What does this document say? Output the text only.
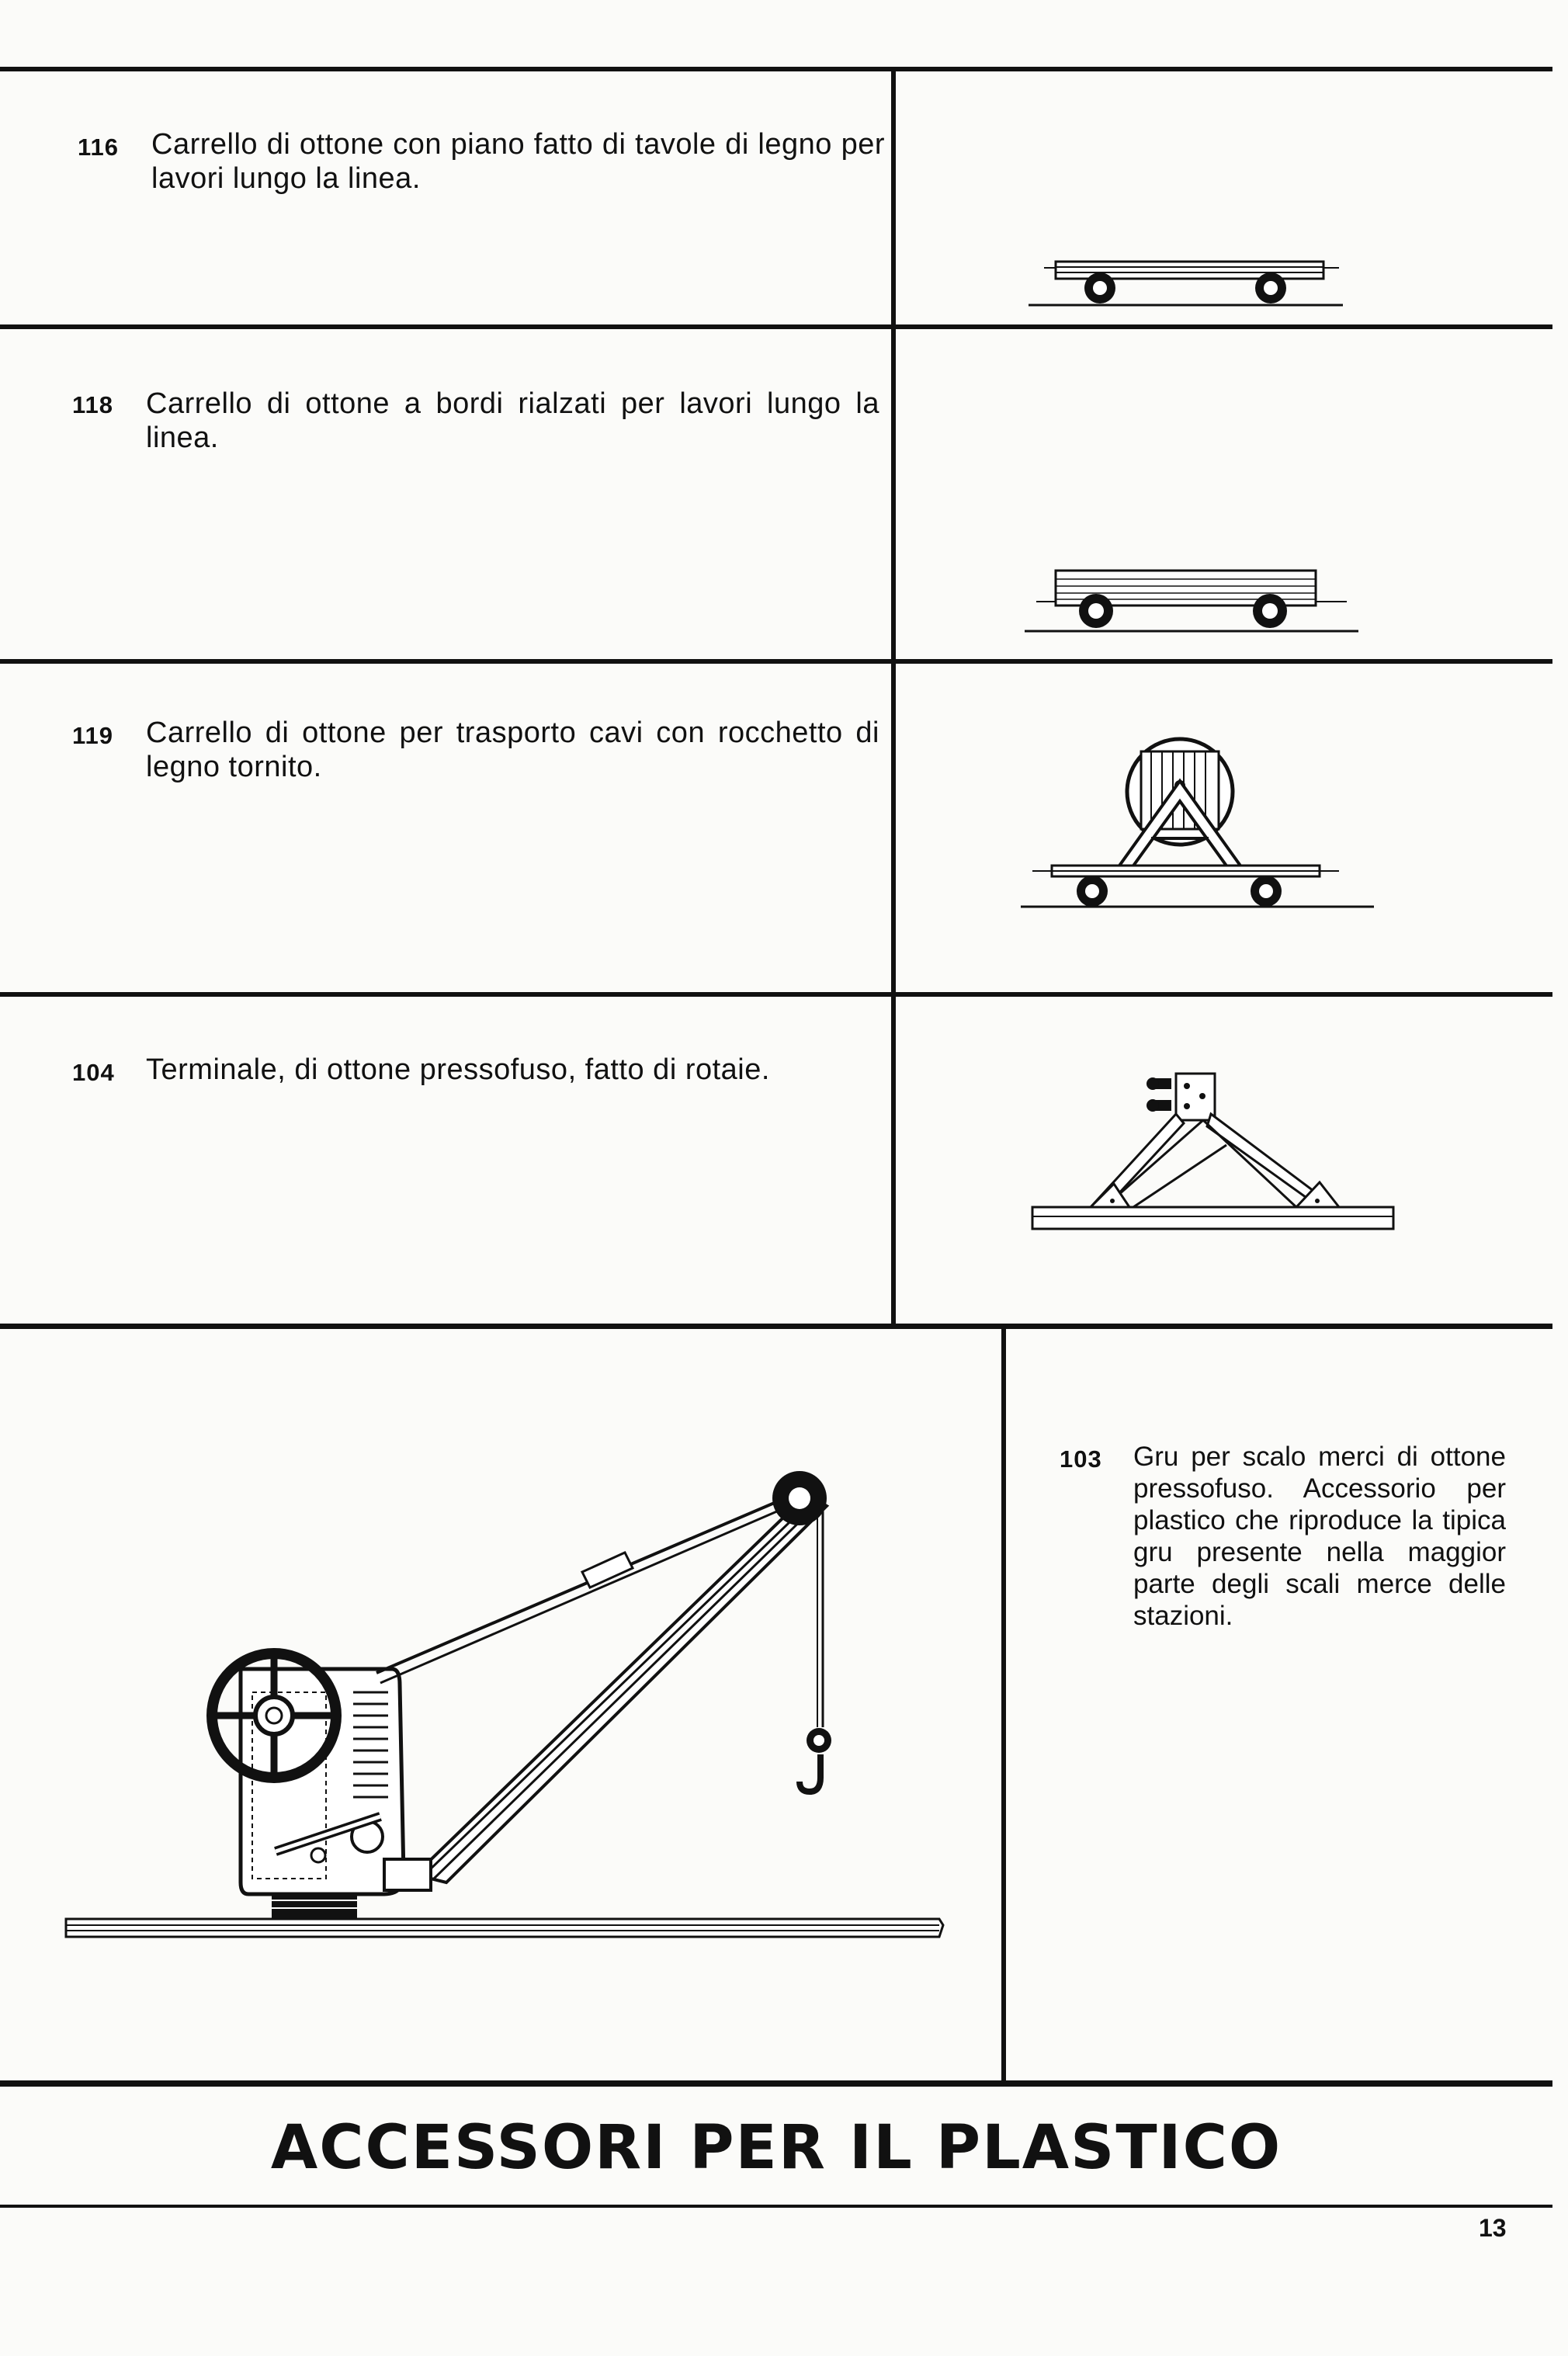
116 Carrello di ottone con piano fatto di tavole di legno per lavori lungo la linea.
118 Carrello di ottone a bordi rialzati per lavori lungo la linea.
119 Carrello di ottone per trasporto cavi con rocchetto di legno tornito.
104 Terminale, di ottone pressofuso, fatto di rotaie.
103 Gru per scalo merci di ottone pressofuso. Accessorio per plastico che riproduce la tipica gru presente nella maggior parte degli scali merce delle stazioni.
ACCESSORI PER IL PLASTICO
13
